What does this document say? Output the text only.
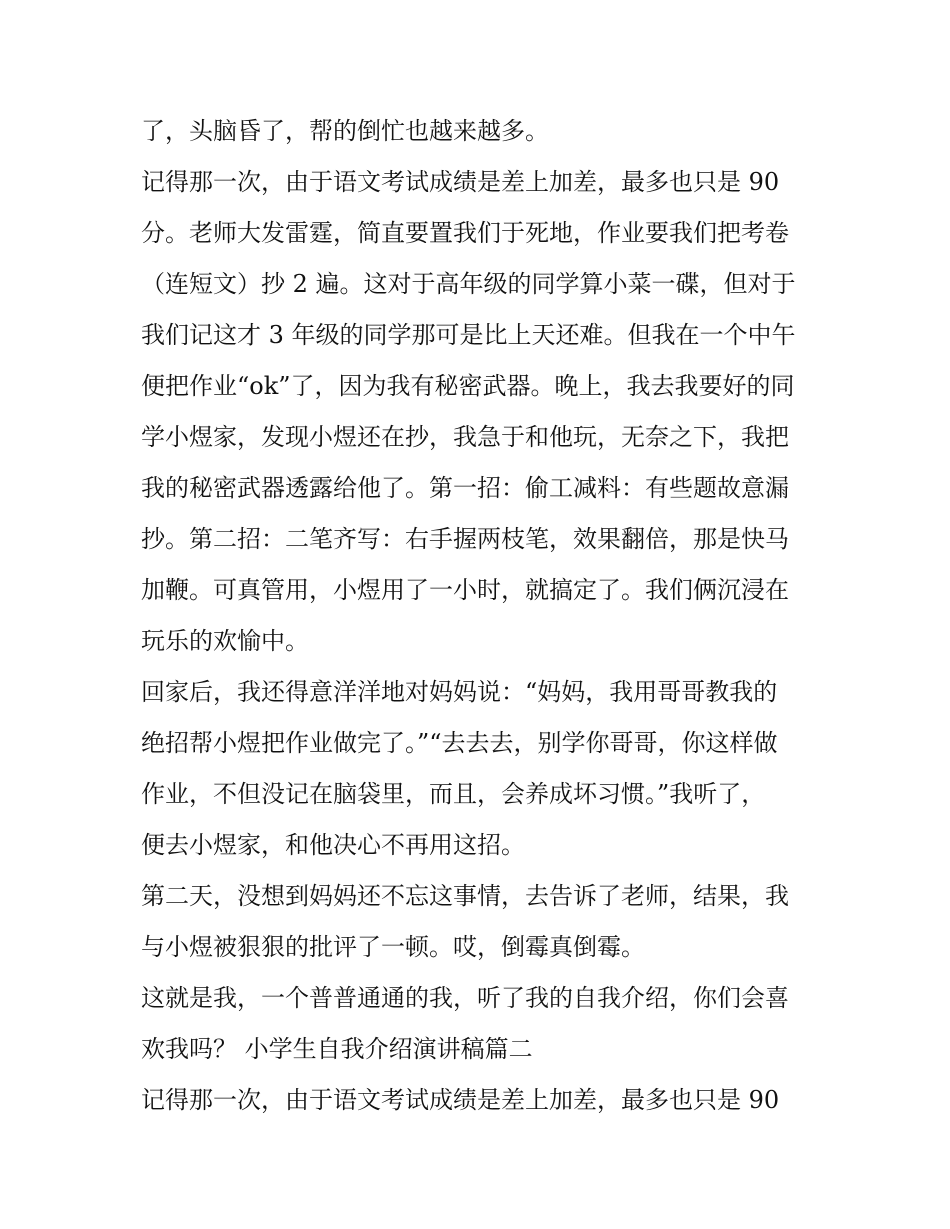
了，头脑昏了，帮的倒忙也越来越多。
记得那一次，由于语文考试成绩是差上加差，最多也只是 90
分。老师大发雷霆，简直要置我们于死地，作业要我们把考卷
（连短文）抄 2 遍。这对于高年级的同学算小菜一碟，但对于
我们记这才 3 年级的同学那可是比上天还难。但我在一个中午
便把作业“ok”了，因为我有秘密武器。晚上，我去我要好的同
学小煜家，发现小煜还在抄，我急于和他玩，无奈之下，我把
我的秘密武器透露给他了。第一招：偷工减料：有些题故意漏
抄。第二招：二笔齐写：右手握两枝笔，效果翻倍，那是快马
加鞭。可真管用，小煜用了一小时，就搞定了。我们俩沉浸在
玩乐的欢愉中。
回家后，我还得意洋洋地对妈妈说：“妈妈，我用哥哥教我的
绝招帮小煜把作业做完了。”“去去去，别学你哥哥，你这样做
作业，不但没记在脑袋里，而且，会养成坏习惯。”我听了，
便去小煜家，和他决心不再用这招。
第二天，没想到妈妈还不忘这事情，去告诉了老师，结果，我
与小煜被狠狠的批评了一顿。哎，倒霉真倒霉。
这就是我，一个普普通通的我，听了我的自我介绍，你们会喜
欢我吗？ 小学生自我介绍演讲稿篇二
记得那一次，由于语文考试成绩是差上加差，最多也只是 90
